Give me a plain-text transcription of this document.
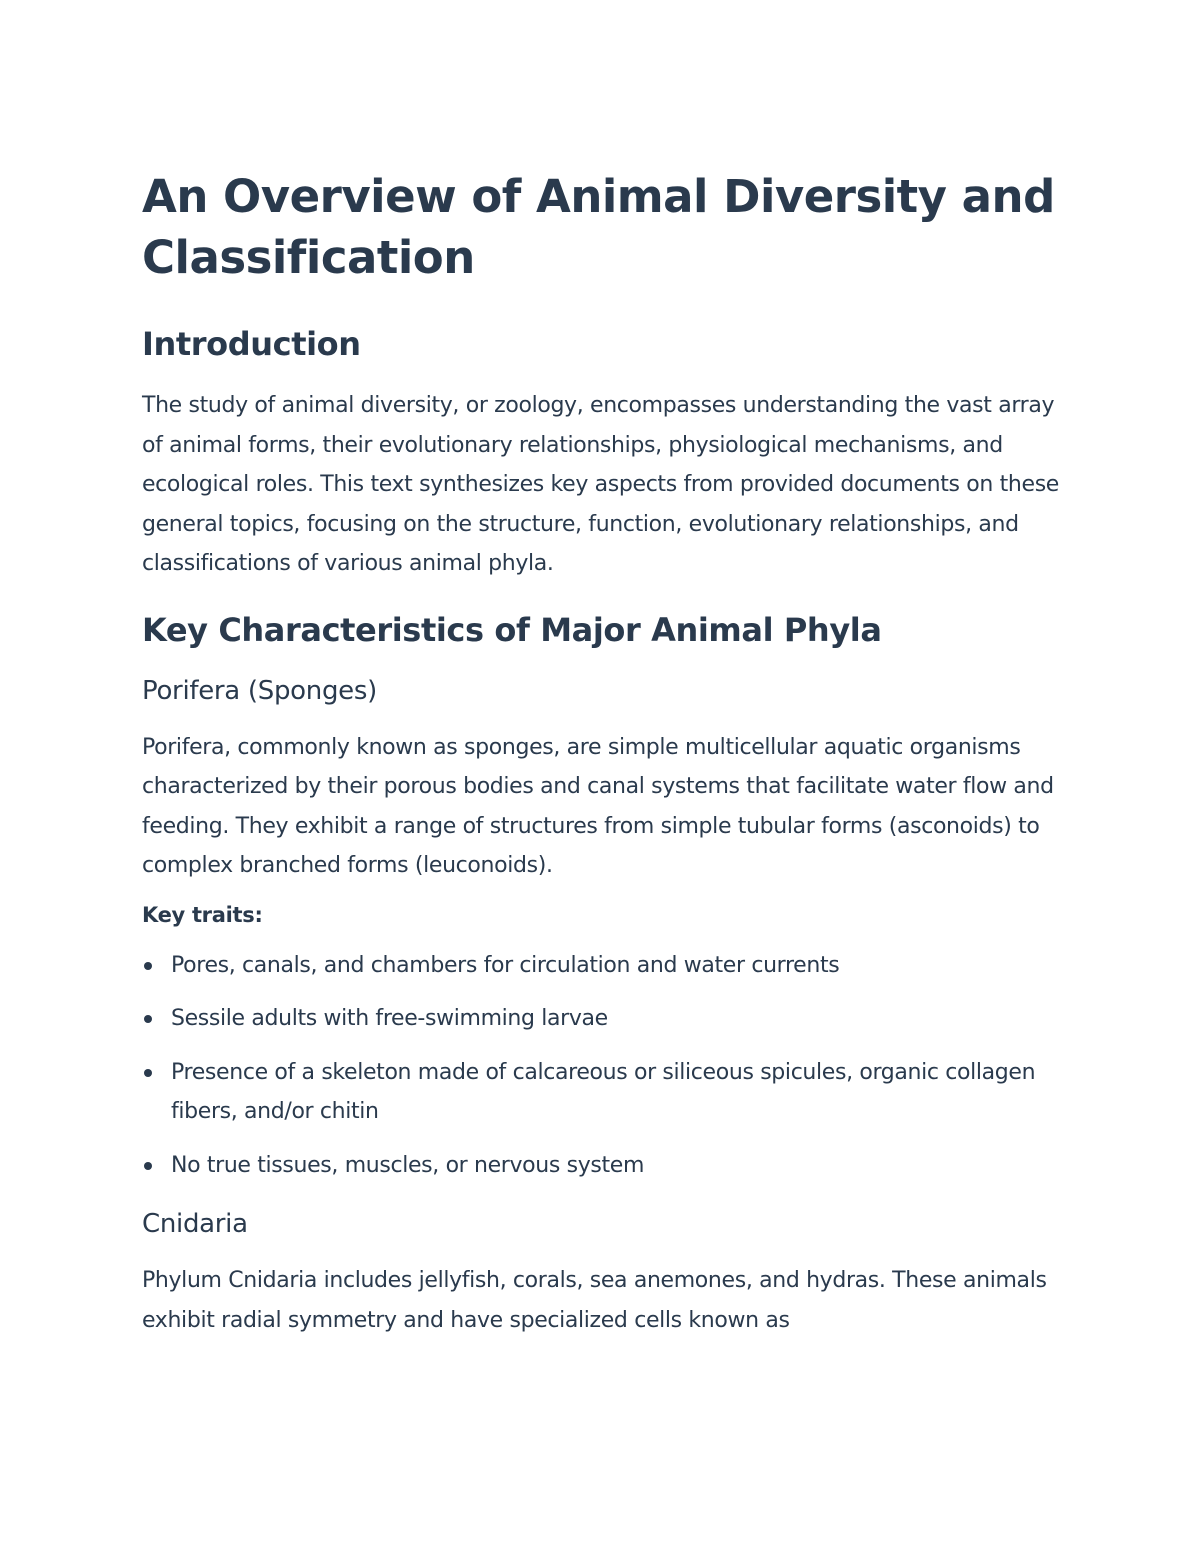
An Overview of Animal Diversity and Classification
Introduction

The study of animal diversity, or zoology, encompasses understanding the vast array of animal forms, their evolutionary relationships, physiological mechanisms, and ecological roles. This text synthesizes key aspects from provided documents on these general topics, focusing on the structure, function, evolutionary relationships, and classifications of various animal phyla.

Key Characteristics of Major Animal Phyla
Porifera (Sponges)

Porifera, commonly known as sponges, are simple multicellular aquatic organisms characterized by their porous bodies and canal systems that facilitate water flow and feeding. They exhibit a range of structures from simple tubular forms (asconoids) to complex branched forms (leuconoids).

Key traits:
Pores, canals, and chambers for circulation and water currents
Sessile adults with free-swimming larvae
Presence of a skeleton made of calcareous or siliceous spicules, organic collagen fibers, and/or chitin
No true tissues, muscles, or nervous system
Cnidaria

Phylum Cnidaria includes jellyfish, corals, sea anemones, and hydras. These animals exhibit radial symmetry and have specialized cells known as
